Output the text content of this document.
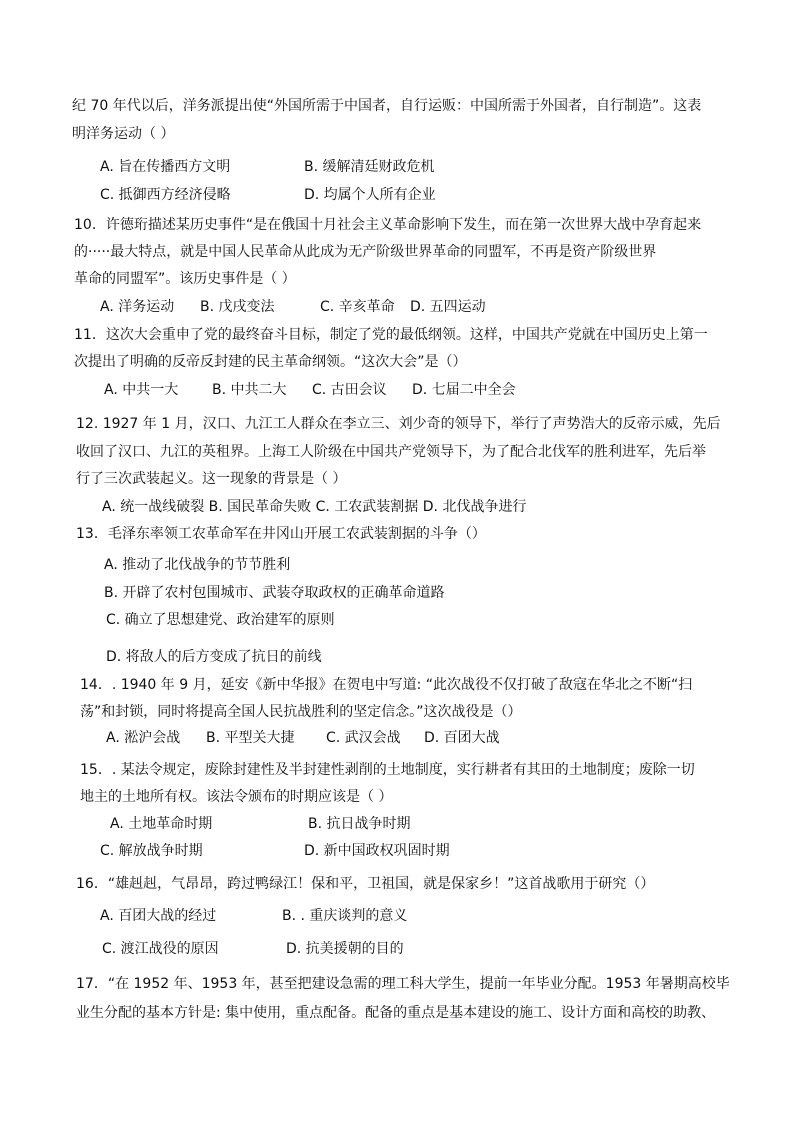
纪 70 年代以后，洋务派提出使“外国所需于中国者，自行运贩：中国所需于外国者，自行制造”。这表
明洋务运动（ ）
A. 旨在传播西方文明	B. 缓解清廷财政危机
C. 抵御西方经济侵略	D. 均属个人所有企业
10．许德珩描述某历史事件“是在俄国十月社会主义革命影响下发生，而在第一次世界大战中孕育起来
的·····最大特点，就是中国人民革命从此成为无产阶级世界革命的同盟军，不再是资产阶级世界
革命的同盟军”。该历史事件是（ ）
A. 洋务运动 B. 戊戌变法	C. 辛亥革命 D. 五四运动
11．这次大会重申了党的最终奋斗目标，制定了党的最低纲领。这样，中国共产党就在中国历史上第一
次提出了明确的反帝反封建的民主革命纲领。“这次大会”是（）
A. 中共一大 B. 中共二大 C. 古田会议 D. 七届二中全会
12. 1927 年 1 月，汉口、九江工人群众在李立三、刘少奇的领导下，举行了声势浩大的反帝示威，先后
收回了汉口、九江的英租界。上海工人阶级在中国共产党领导下，为了配合北伐军的胜利进军，先后举
行了三次武装起义。这一现象的背景是（ ）
A. 统一战线破裂 B. 国民革命失败 C. 工农武装割据 D. 北伐战争进行
13．毛泽东率领工农革命军在井冈山开展工农武装割据的斗争（）
A. 推动了北伐战争的节节胜利
B. 开辟了农村包围城市、武装夺取政权的正确革命道路
C. 确立了思想建党、政治建军的原则
D. 将敌人的后方变成了抗日的前线
14．. 1940 年 9 月，延安《新中华报》在贺电中写道: “此次战役不仅打破了敌寇在华北之不断“扫
荡”和封锁，同时将提高全国人民抗战胜利的坚定信念。”这次战役是（）
A. 淞沪会战 B. 平型关大捷 C. 武汉会战 D. 百团大战
15．. 某法令规定，废除封建性及半封建性剥削的土地制度，实行耕者有其田的土地制度；废除一切
地主的土地所有权。该法令颁布的时期应该是（ ）
A. 土地革命时期	B. 抗日战争时期
C. 解放战争时期	D. 新中国政权巩固时期
16．“雄赳赳，气昂昂，跨过鸭绿江！保和平，卫祖国，就是保家乡！”这首战歌用于研究（）
A. 百团大战的经过	B. . 重庆谈判的意义
C. 渡江战役的原因	D. 抗美援朝的目的
17．“在 1952 年、1953 年，甚至把建设急需的理工科大学生，提前一年毕业分配。1953 年暑期高校毕
业生分配的基本方针是: 集中使用，重点配备。配备的重点是基本建设的施工、设计方面和高校的助教、
